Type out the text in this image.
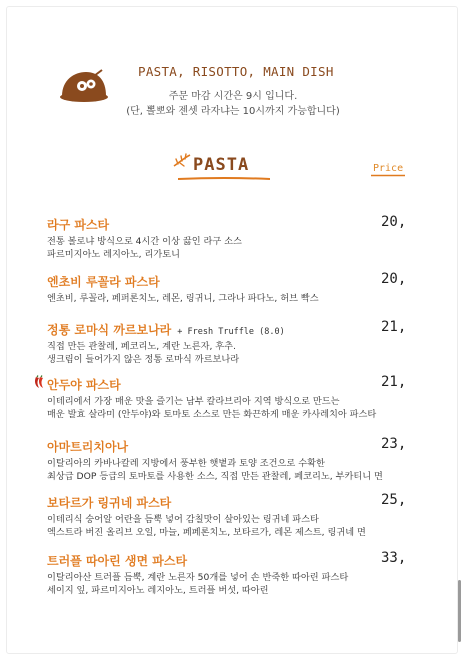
PASTA, RISOTTO, MAIN DISH
주문 마감 시간은 9시 입니다.
(단, 뽈뽀와 젠셋 라자냐는 10시까지 가능합니다)
PASTA	Price
라구 파스타	20,
전통 볼로냐 방식으로 4시간 이상 끓인 라구 소스
파르미지아노 레지아노, 리가토니
엔초비 루꼴라 파스타	20,
엔초비, 루꼴라, 페퍼론치노, 레몬, 링귀니, 그라나 파다노, 허브 빡스
정통 로마식 까르보나라 + Fresh Truffle (8.0)	21,
직접 만든 관찰레, 페코리노, 계란 노른자, 후추.
생크림이 들어가지 않은 정통 로마식 까르보나라
안두야 파스타	21,
이테리에서 가장 매운 맛을 즐기는 남부 칼라브리아 지역 방식으로 만드는
매운 발효 살라미 (안두야)와 토마토 소스로 만든 화끈하게 매운 카사레치아 파스타
아마트리치아나	23,
이탈리아의 카바나칼레 지방에서 풍부한 햇볕과 토양 조건으로 수확한
최상급 DOP 등급의 토마토를 사용한 소스, 직접 만든 관찰레, 페코리노, 부카티니 면
보타르가 링귀네 파스타	25,
이테리식 숭어알 어란을 듬뿍 넣어 감칠맛이 살아있는 링귀네 파스타
엑스트라 버진 올리브 오일, 마늘, 페페론치노, 보타르가, 레몬 제스트, 링귀네 면
트러플 따아린 생면 파스타	33,
이탈리아산 트러플 듬뿍, 계란 노른자 50개를 넣어 손 반죽한 따아린 파스타
세이지 잎, 파르미지아노 레지아노, 트러플 버섯, 따아린
